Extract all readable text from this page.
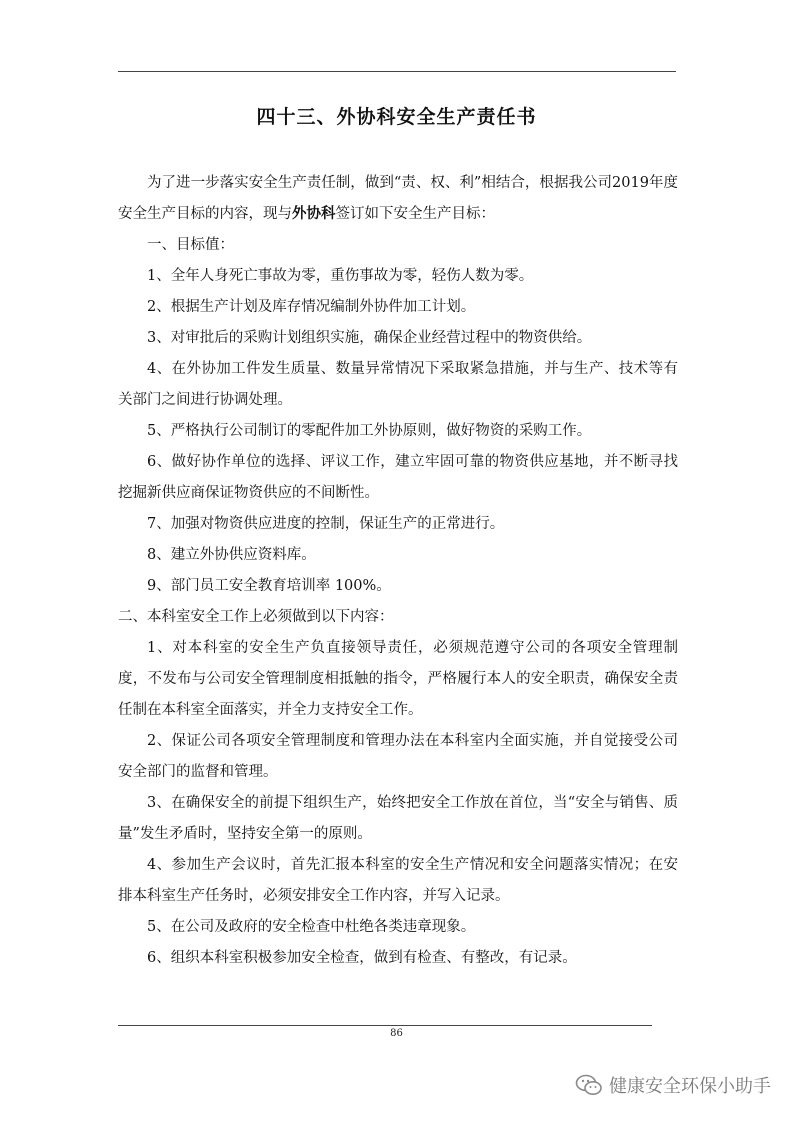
四十三、外协科安全生产责任书

为了进一步落实安全生产责任制，做到“责、权、利”相结合，根据我公司2019年度安全生产目标的内容，现与外协科签订如下安全生产目标：

一、目标值：

1、全年人身死亡事故为零，重伤事故为零，轻伤人数为零。

2、根据生产计划及库存情况编制外协件加工计划。

3、对审批后的采购计划组织实施，确保企业经营过程中的物资供给。

4、在外协加工件发生质量、数量异常情况下采取紧急措施，并与生产、技术等有关部门之间进行协调处理。

5、严格执行公司制订的零配件加工外协原则，做好物资的采购工作。

6、做好协作单位的选择、评议工作，建立牢固可靠的物资供应基地，并不断寻找挖掘新供应商保证物资供应的不间断性。

7、加强对物资供应进度的控制，保证生产的正常进行。

8、建立外协供应资料库。

9、部门员工安全教育培训率 100%。

二、本科室安全工作上必须做到以下内容：

1、对本科室的安全生产负直接领导责任，必须规范遵守公司的各项安全管理制度，不发布与公司安全管理制度相抵触的指令，严格履行本人的安全职责，确保安全责任制在本科室全面落实，并全力支持安全工作。

2、保证公司各项安全管理制度和管理办法在本科室内全面实施，并自觉接受公司安全部门的监督和管理。

3、在确保安全的前提下组织生产，始终把安全工作放在首位，当“安全与销售、质量”发生矛盾时，坚持安全第一的原则。

4、参加生产会议时，首先汇报本科室的安全生产情况和安全问题落实情况；在安排本科室生产任务时，必须安排安全工作内容，并写入记录。

5、在公司及政府的安全检查中杜绝各类违章现象。

6、组织本科室积极参加安全检查，做到有检查、有整改，有记录。

86
健康安全环保小助手
